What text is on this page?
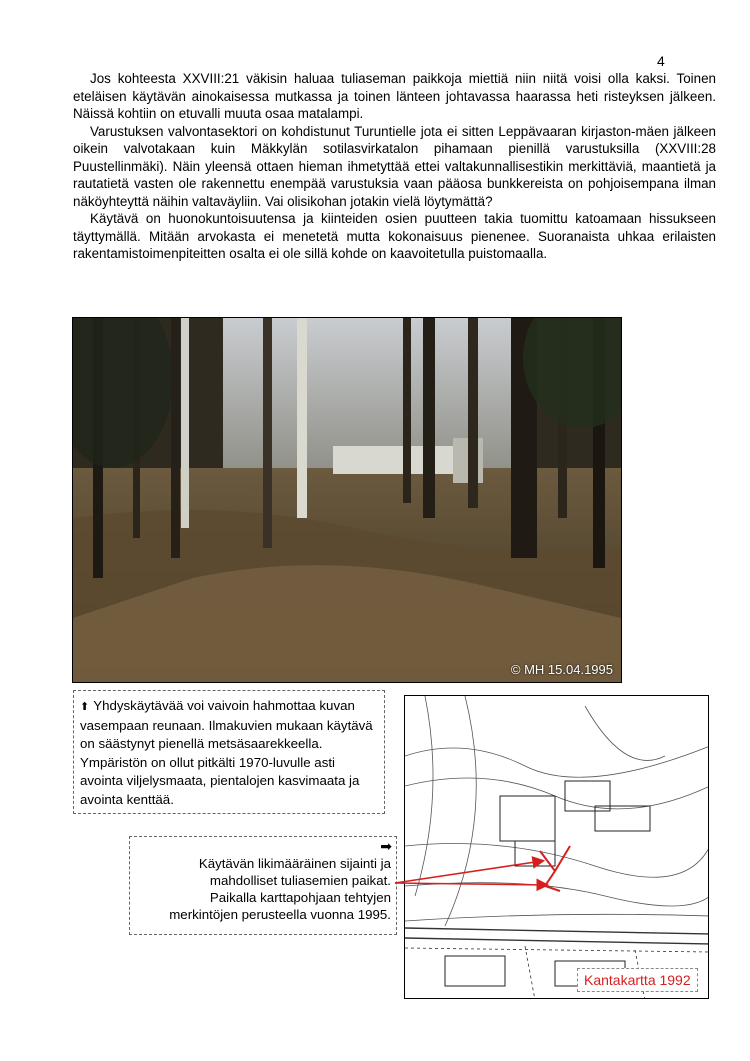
4

Jos kohteesta XXVIII:21 väkisin haluaa tuliaseman paikkoja miettiä niin niitä voisi olla kaksi. Toinen eteläisen käytävän ainokaisessa mutkassa ja toinen länteen johtavassa haarassa heti risteyksen jälkeen. Näissä kohtiin on etuvalli muuta osaa matalampi.

Varustuksen valvontasektori on kohdistunut Turuntielle jota ei sitten Leppävaaran kirjaston-mäen jälkeen oikein valvotakaan kuin Mäkkylän sotilasvirkatalon pihamaan pienillä varustuksilla (XXVIII:28 Puustellinmäki). Näin yleensä ottaen hieman ihmetyttää ettei valtakunnallisestikin merkittäviä, maantietä ja rautatietä vasten ole rakennettu enempää varustuksia vaan pääosa bunkkereista on pohjoisempana ilman näköyhteyttä näihin valtaväyliin. Vai olisikohan jotakin vielä löytymättä?

Käytävä on huonokuntoisuutensa ja kiinteiden osien puutteen takia tuomittu katoamaan hissukseen täyttymällä. Mitään arvokasta ei menetetä mutta kokonaisuus pienenee. Suoranaista uhkaa erilaisten rakentamistoimenpiteitten osalta ei ole sillä kohde on kaavoitetulla puistomaalla.

© MH 15.04.1995
⬆ Yhdyskäytävää voi vaivoin hahmottaa kuvan vasempaan reunaan. Ilmakuvien mukaan käytävä on säästynyt pienellä metsäsaarekkeella. Ympäristön on ollut pitkälti 1970-luvulle asti avointa viljelysmaata, pientalojen kasvimaata ja avointa kenttää.
➡
Käytävän likimääräinen sijainti ja
mahdolliset tuliasemien paikat.
Paikalla karttapohjaan tehtyjen
merkintöjen perusteella vuonna 1995.
Kantakartta 1992
